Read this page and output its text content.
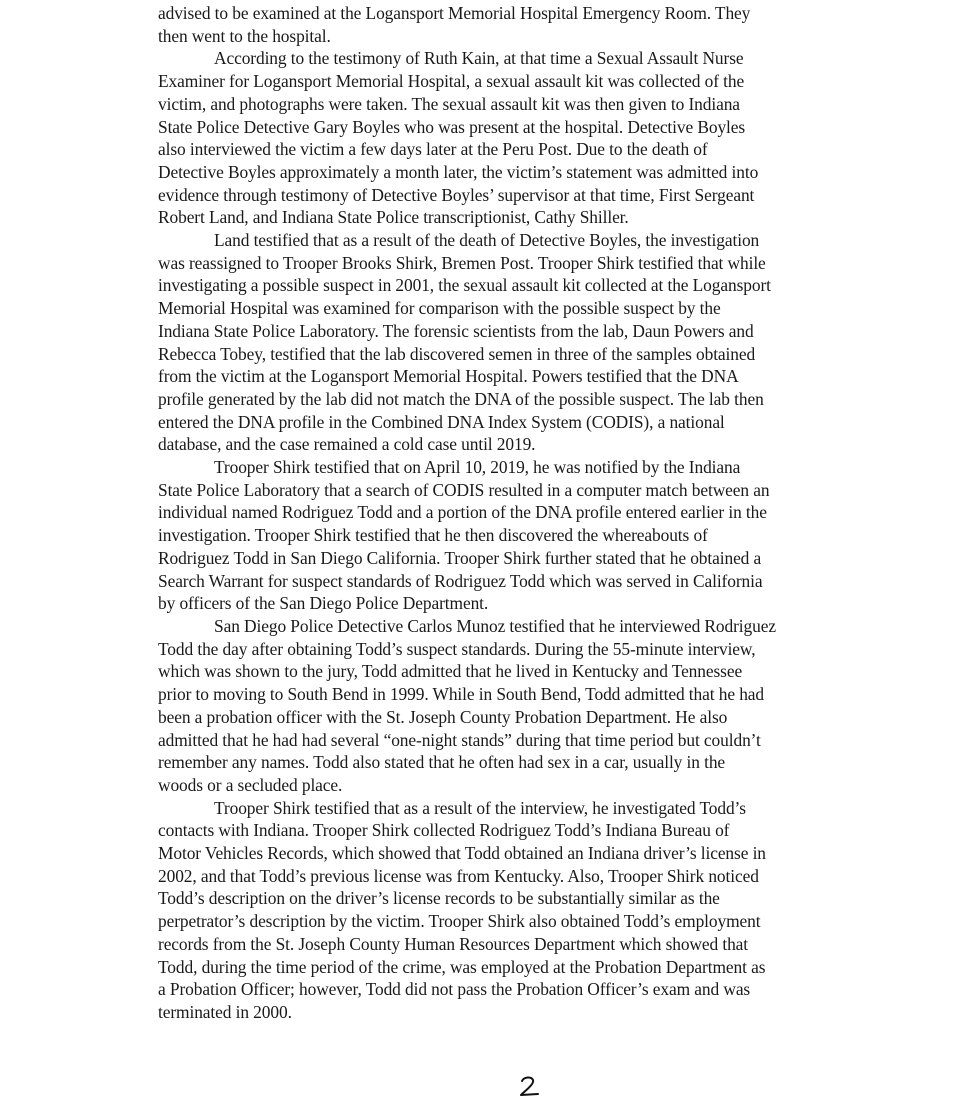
advised to be examined at the Logansport Memorial Hospital Emergency Room. They
then went to the hospital.
According to the testimony of Ruth Kain, at that time a Sexual Assault Nurse
Examiner for Logansport Memorial Hospital, a sexual assault kit was collected of the
victim, and photographs were taken. The sexual assault kit was then given to Indiana
State Police Detective Gary Boyles who was present at the hospital. Detective Boyles
also interviewed the victim a few days later at the Peru Post. Due to the death of
Detective Boyles approximately a month later, the victim’s statement was admitted into
evidence through testimony of Detective Boyles’ supervisor at that time, First Sergeant
Robert Land, and Indiana State Police transcriptionist, Cathy Shiller.
Land testified that as a result of the death of Detective Boyles, the investigation
was reassigned to Trooper Brooks Shirk, Bremen Post. Trooper Shirk testified that while
investigating a possible suspect in 2001, the sexual assault kit collected at the Logansport
Memorial Hospital was examined for comparison with the possible suspect by the
Indiana State Police Laboratory. The forensic scientists from the lab, Daun Powers and
Rebecca Tobey, testified that the lab discovered semen in three of the samples obtained
from the victim at the Logansport Memorial Hospital. Powers testified that the DNA
profile generated by the lab did not match the DNA of the possible suspect. The lab then
entered the DNA profile in the Combined DNA Index System (CODIS), a national
database, and the case remained a cold case until 2019.
Trooper Shirk testified that on April 10, 2019, he was notified by the Indiana
State Police Laboratory that a search of CODIS resulted in a computer match between an
individual named Rodriguez Todd and a portion of the DNA profile entered earlier in the
investigation. Trooper Shirk testified that he then discovered the whereabouts of
Rodriguez Todd in San Diego California. Trooper Shirk further stated that he obtained a
Search Warrant for suspect standards of Rodriguez Todd which was served in California
by officers of the San Diego Police Department.
San Diego Police Detective Carlos Munoz testified that he interviewed Rodriguez
Todd the day after obtaining Todd’s suspect standards. During the 55-minute interview,
which was shown to the jury, Todd admitted that he lived in Kentucky and Tennessee
prior to moving to South Bend in 1999. While in South Bend, Todd admitted that he had
been a probation officer with the St. Joseph County Probation Department. He also
admitted that he had had several “one-night stands” during that time period but couldn’t
remember any names. Todd also stated that he often had sex in a car, usually in the
woods or a secluded place.
Trooper Shirk testified that as a result of the interview, he investigated Todd’s
contacts with Indiana. Trooper Shirk collected Rodriguez Todd’s Indiana Bureau of
Motor Vehicles Records, which showed that Todd obtained an Indiana driver’s license in
2002, and that Todd’s previous license was from Kentucky. Also, Trooper Shirk noticed
Todd’s description on the driver’s license records to be substantially similar as the
perpetrator’s description by the victim. Trooper Shirk also obtained Todd’s employment
records from the St. Joseph County Human Resources Department which showed that
Todd, during the time period of the crime, was employed at the Probation Department as
a Probation Officer; however, Todd did not pass the Probation Officer’s exam and was
terminated in 2000.
